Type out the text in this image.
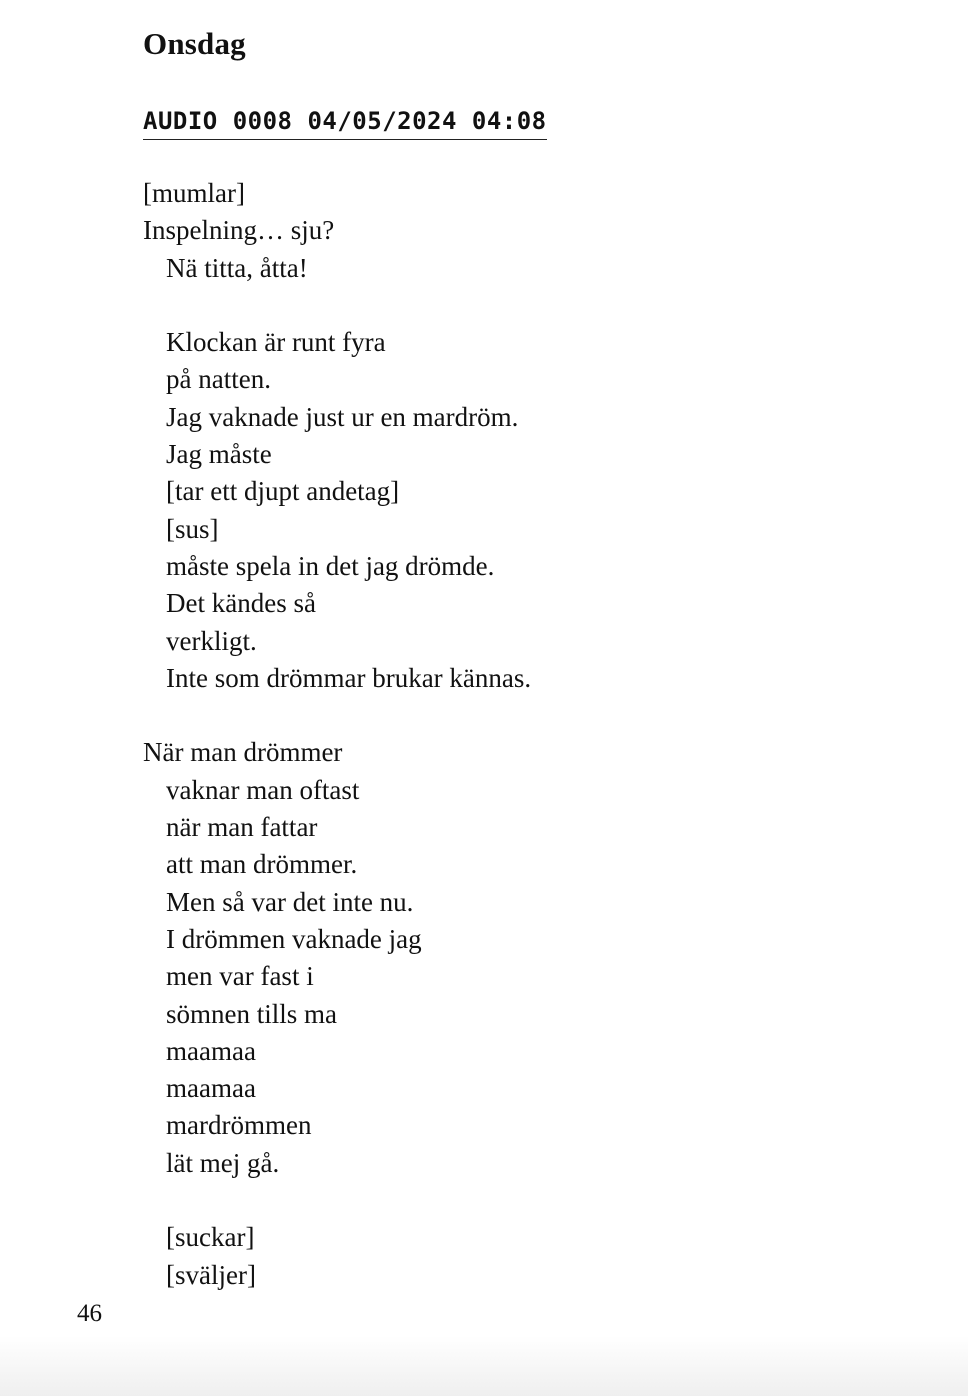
Onsdag
AUDIO 0008 04/05/2024 04:08
[mumlar]
Inspelning… sju?
Nä titta, åtta!
Klockan är runt fyra
på natten.
Jag vaknade just ur en mardröm.
Jag måste
[tar ett djupt andetag]
[sus]
måste spela in det jag drömde.
Det kändes så
verkligt.
Inte som drömmar brukar kännas.
När man drömmer
vaknar man oftast
när man fattar
att man drömmer.
Men så var det inte nu.
I drömmen vaknade jag
men var fast i
sömnen tills ma
maamaa
maamaa
mardrömmen
lät mej gå.
[suckar]
[sväljer]
46
